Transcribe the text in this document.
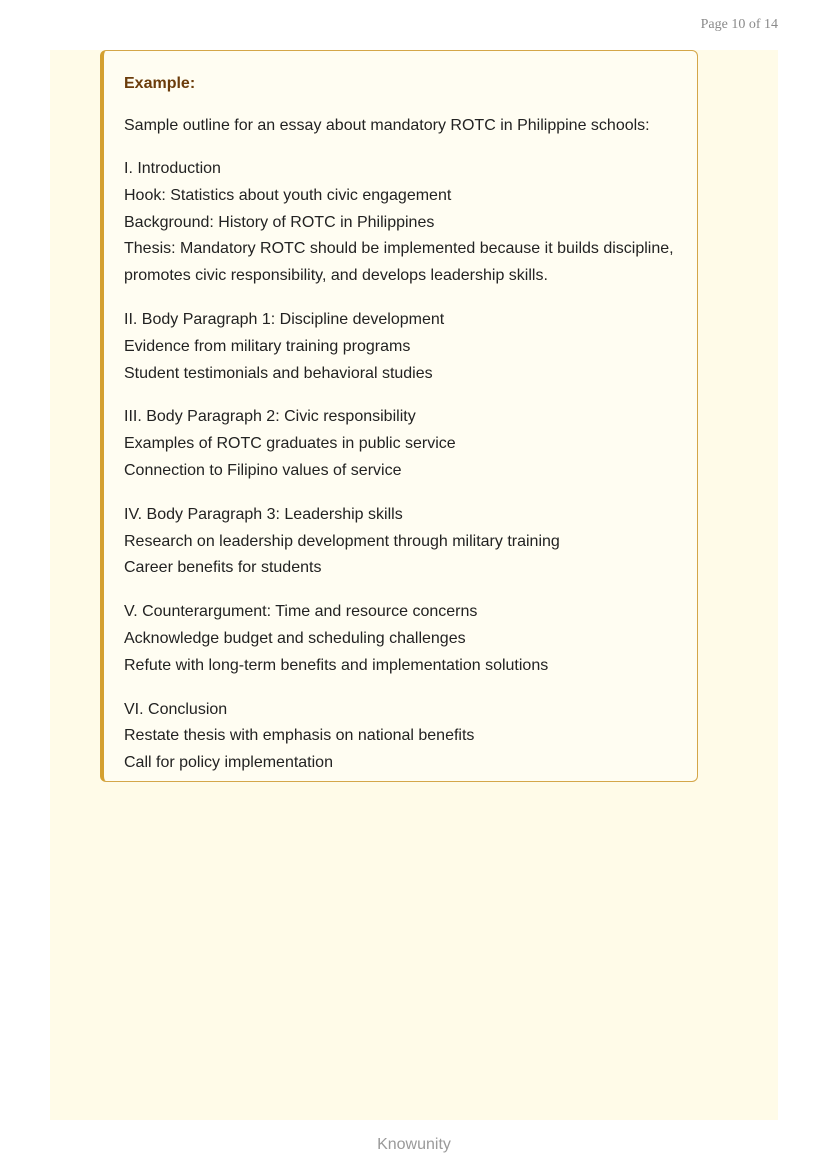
Page 10 of 14
Example:
Sample outline for an essay about mandatory ROTC in Philippine schools:
I. Introduction
Hook: Statistics about youth civic engagement
Background: History of ROTC in Philippines
Thesis: Mandatory ROTC should be implemented because it builds discipline,
promotes civic responsibility, and develops leadership skills.
II. Body Paragraph 1: Discipline development
Evidence from military training programs
Student testimonials and behavioral studies
III. Body Paragraph 2: Civic responsibility
Examples of ROTC graduates in public service
Connection to Filipino values of service
IV. Body Paragraph 3: Leadership skills
Research on leadership development through military training
Career benefits for students
V. Counterargument: Time and resource concerns
Acknowledge budget and scheduling challenges
Refute with long-term benefits and implementation solutions
VI. Conclusion
Restate thesis with emphasis on national benefits
Call for policy implementation
Knowunity
